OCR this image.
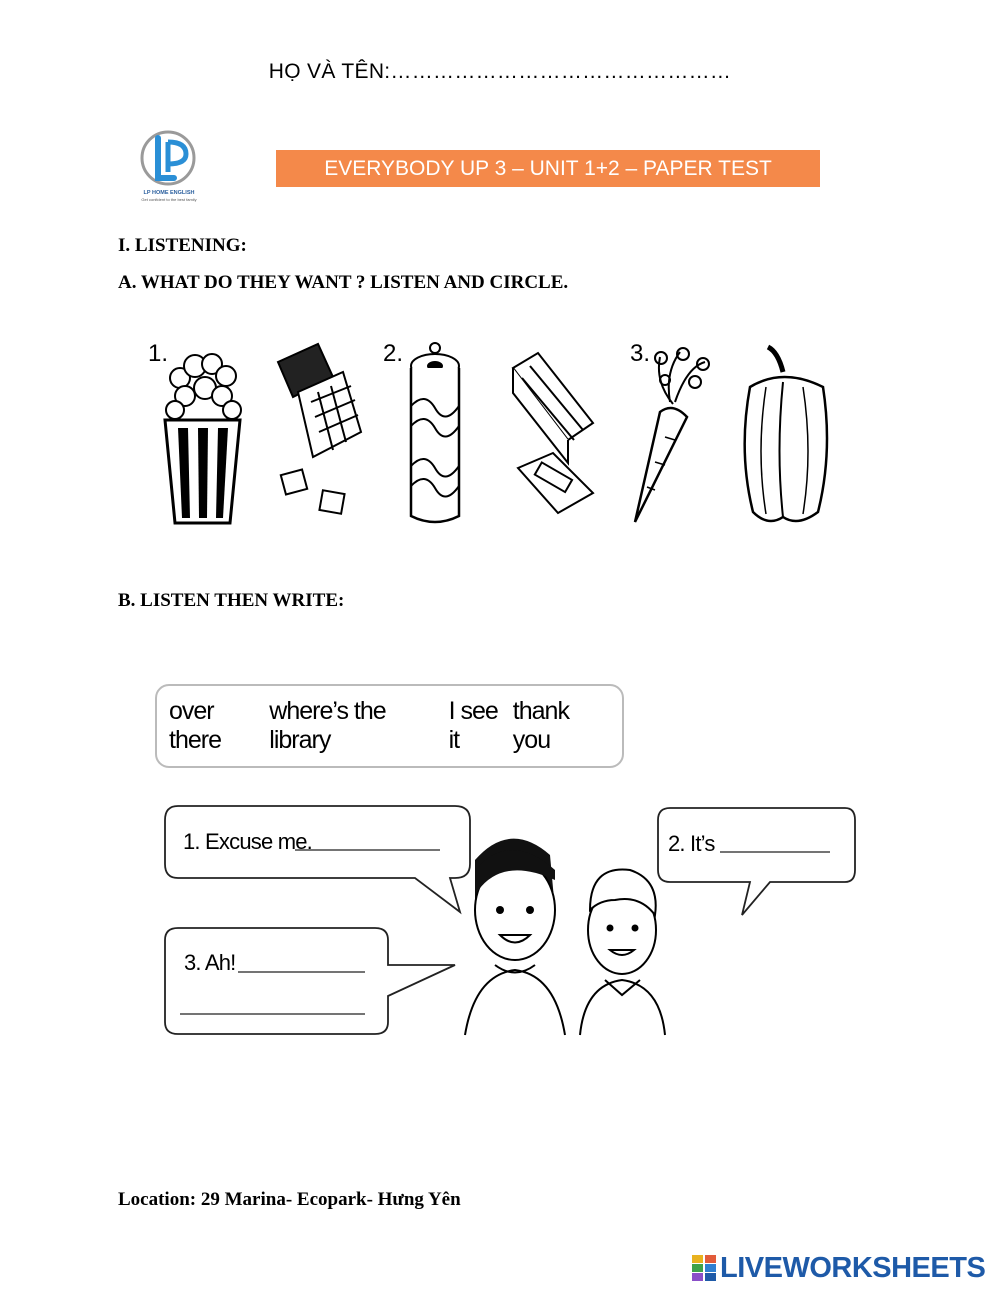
HỌ VÀ TÊN:…………………………………………
LP HOME ENGLISH
Get confident to the best family
EVERYBODY UP 3 – UNIT 1+2 – PAPER TEST
I. LISTENING:
A. WHAT DO THEY WANT ? LISTEN AND CIRCLE.
1.	2.	3.
B. LISTEN THEN WRITE:
over there
where’s the library
I see it
thank you
1. Excuse me.	2. It’s
3. Ah!
Location: 29 Marina- Ecopark- Hưng Yên
LIVEWORKSHEETS
